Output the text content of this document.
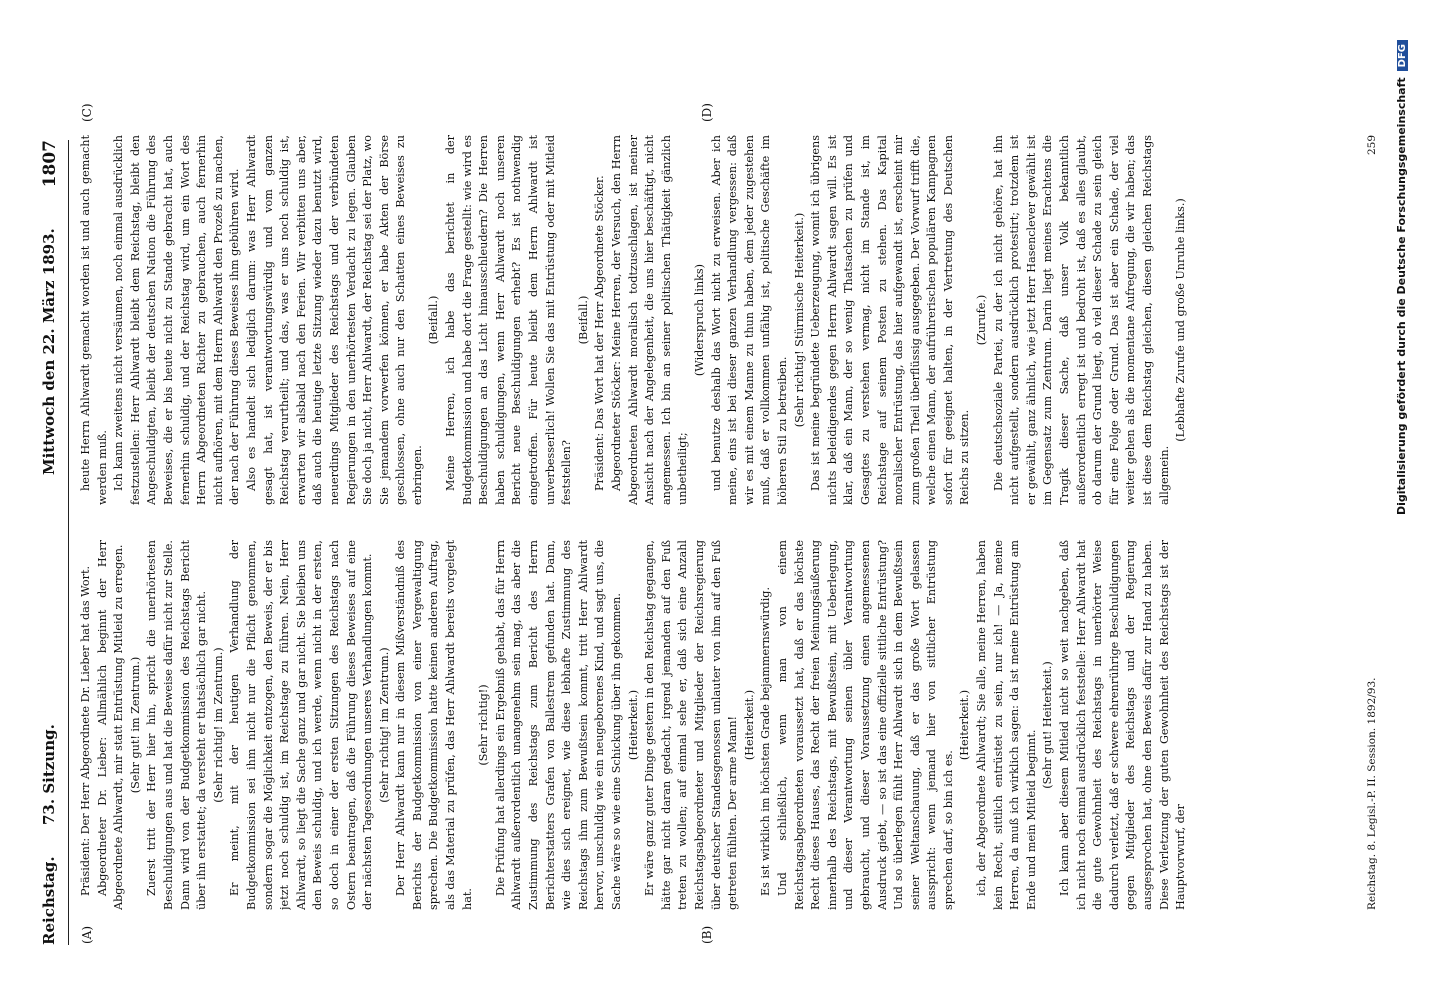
Reichstag.
73. Sitzung.
Mittwoch den 22. März 1893.
1807
(A)	(B)
(C)	(D)

Präsident: Der Herr Abgeordnete Dr. Lieber hat das Wort. Abgeordneter Dr. Lieber: Allmählich beginnt der Herr Abgeordnete Ahlwardt, mir statt Entrüstung Mitleid zu erregen. (Sehr gut! im Zentrum.) Zuerst tritt der Herr hier hin, spricht die unerhörtesten Beschuldigungen aus und hat die Beweise dafür nicht zur Stelle. Dann wird von der Budgetkommission des Reichstags Bericht über ihn erstattet; da versteht er thatsächlich gar nicht. (Sehr richtig! im Zentrum.) Er meint, mit der heutigen Verhandlung der Budgetkommission sei ihm nicht nur die Pflicht genommen, sondern sogar die Möglichkeit entzogen, den Beweis, der er bis jetzt noch schuldig ist, im Reichstage zu führen. Nein, Herr Ahlwardt, so liegt die Sache ganz und gar nicht. Sie bleiben uns den Beweis schuldig, und ich werde, wenn nicht in der ersten, so doch in einer der ersten Sitzungen des Reichstags nach Ostern beantragen, daß die Führung dieses Beweises auf eine der nächsten Tagesordnungen unseres Verhandlungen kommt. (Sehr richtig! im Zentrum.) Der Herr Ahlwardt kann nur in diesem Mißverständniß des Berichts der Budgetkommission von einer Vergewaltigung sprechen. Die Budgetkommission hatte keinen anderen Auftrag, als das Material zu prüfen, das Herr Ahlwardt bereits vorgelegt hat.

(Sehr richtig!) Die Prüfung hat allerdings ein Ergebniß gehabt, das für Herrn Ahlwardt außerordentlich unangenehm sein mag, das aber die Zustimmung des Reichstags zum Bericht des Herrn Berichterstatters Grafen von Ballestrem gefunden hat. Dann, wie dies sich ereignet, wie diese lebhafte Zustimmung des Reichstags ihm zum Bewußtsein kommt, tritt Herr Ahlwardt hervor, unschuldig wie ein neugeborenes Kind, und sagt uns, die Sache wäre so wie eine Schickung über ihn gekommen. (Heiterkeit.) Er wäre ganz guter Dinge gestern in den Reichstag gegangen, hätte gar nicht daran gedacht, irgend jemanden auf den Fuß treten zu wollen; auf einmal sehe er, daß sich eine Anzahl Reichstagsabgeordneter und Mitglieder der Reichsregierung über deutscher Standesgenossen unlauter von ihm auf den Fuß getreten fühlten. Der arme Mann! (Heiterkeit.) Es ist wirklich im höchsten Grade bejammernswürdig. Und schließlich, wenn man von einem Reichstagsabgeordneten voraussetzt hat, daß er das höchste Recht dieses Hauses, das Recht der freien Meinungsäußerung innerhalb des Reichstags, mit Bewußtsein, mit Ueberlegung, und dieser Verantwortung seinen übler Verantwortung gebraucht, und dieser Voraussetzung einen angemessenen Ausdruck giebt, — so ist das eine offizielle sittliche Entrüstung? Und so überlegen fühlt Herr Ahlwardt sich in dem Bewußtsein seiner Weltanschauung, daß er das große Wort gelassen ausspricht: wenn jemand hier von sittlicher Entrüstung sprechen darf, so bin ich es.

(Heiterkeit.) ich, der Abgeordnete Ahlwardt; Sie alle, meine Herren, haben kein Recht, sittlich entrüstet zu sein, nur ich! — Ja, meine Herren, da muß ich wirklich sagen: da ist meine Entrüstung am Ende und mein Mitleid beginnt.

(Sehr gut! Heiterkeit.) Ich kann aber diesem Mitleid nicht so weit nachgeben, daß ich nicht noch einmal ausdrücklich feststelle: Herr Ahlwardt hat die gute Gewohnheit des Reichstags in unerhörter Weise dadurch verletzt, daß er schwere ehrenrührige Beschuldigungen gegen Mitglieder des Reichstags und der Regierung ausgesprochen hat, ohne den Beweis dafür zur Hand zu haben. Diese Verletzung der guten Gewohnheit des Reichstags ist der Hauptvorwurf, der

heute Herrn Ahlwardt gemacht worden ist und auch gemacht werden muß. Ich kann zweitens nicht versäumen, noch einmal ausdrücklich festzustellen: Herr Ahlwardt bleibt dem Reichstag, bleibt den Angeschuldigten, bleibt der deutschen Nation die Führung des Beweises, die er bis heute nicht zu Stande gebracht hat, auch fernerhin schuldig, und der Reichstag wird, um ein Wort des Herrn Abgeordneten Richter zu gebrauchen, auch fernerhin nicht aufhören, mit dem Herrn Ahlwardt den Prozeß zu machen, der nach der Führung dieses Beweises ihm gebühren wird. Also es handelt sich lediglich darum: was Herr Ahlwardt gesagt hat, ist verantwortungswürdig und vom ganzen Reichstag verurtheilt; und das, was er uns noch schuldig ist, erwarten wir alsbald nach den Ferien. Wir verbitten uns aber, daß auch die heutige letzte Sitzung wieder dazu benutzt wird, neuerdings Mitglieder des Reichstags und der verbündeten Regierungen in den unerhörtesten Verdacht zu legen. Glauben Sie doch ja nicht, Herr Ahlwardt, der Reichstag sei der Platz, wo Sie jemandem vorwerfen können, er habe Akten der Börse geschlossen, ohne auch nur den Schatten eines Beweises zu erbringen.

(Beifall.) Meine Herren, ich habe das berichtet in der Budgetkommission und habe dort die Frage gestellt: wie wird es Beschuldigungen an das Licht hinausschleudern? Die Herren haben schuldigungen, wenn Herr Ahlwardt noch unseren Bericht neue Beschuldigungen erhebt? Es ist nothwendig eingetroffen. Für heute bleibt dem Herrn Ahlwardt ist unverbesserlich! Wollen Sie das mit Entrüstung oder mit Mitleid feststellen?

(Beifall.) Präsident: Das Wort hat der Herr Abgeordnete Stöcker. Abgeordneter Stöcker: Meine Herren, der Versuch, den Herrn Abgeordneten Ahlwardt moralisch todtzuschlagen, ist meiner Ansicht nach der Angelegenheit, die uns hier beschäftigt, nicht angemessen. Ich bin an seiner politischen Thätigkeit gänzlich unbetheiligt;

(Widerspruch links) und benutze deshalb das Wort nicht zu erweisen. Aber ich meine, eins ist bei dieser ganzen Verhandlung vergessen: daß wir es mit einem Manne zu thun haben, dem jeder zugestehen muß, daß er vollkommen unfähig ist, politische Geschäfte im höheren Stil zu betreiben.

(Sehr richtig! Stürmische Heiterkeit.) Das ist meine begründete Ueberzeugung, womit ich übrigens nichts beleidigendes gegen Herrn Ahlwardt sagen will. Es ist klar, daß ein Mann, der so wenig Thatsachen zu prüfen und Gesagtes zu verstehen vermag, nicht im Stande ist, im Reichstage auf seinem Posten zu stehen. Das Kapital moralischer Entrüstung, das hier aufgewandt ist, erscheint mir zum großen Theil überflüssig ausgegeben. Der Vorwurf trifft die, welche einen Mann, der aufrührerischen populären Kampagnen sofort für geeignet halten, in der Vertretung des Deutschen Reichs zu sitzen.

(Zurufe.) Die deutschsoziale Partei, zu der ich nicht gehöre, hat ihn nicht aufgestellt, sondern ausdrücklich protestirt; trotzdem ist er gewählt, ganz ähnlich, wie jetzt Herr Hasenclever gewählt ist im Gegensatz zum Zentrum. Darin liegt meines Erachtens die Tragik dieser Sache, daß unser Volk bekanntlich außerordentlich erregt ist und bedroht ist, daß es alles glaubt, ob darum der Grund liegt, ob viel dieser Schade zu sein gleich für eine Folge oder Grund. Das ist aber ein Schade, der viel weiter gehen als die momentane Aufregung, die wir haben; das ist diese dem Reichstag gleichen, diesen gleichen Reichstags allgemein.

(Lebhafte Zurufe und große Unruhe links.)

Reichstag. 8. Legisl.-P. II. Session. 1892/93.
259 Digitalisierung gefördert durch die Deutsche ForschungsgemeinschaftDFG
